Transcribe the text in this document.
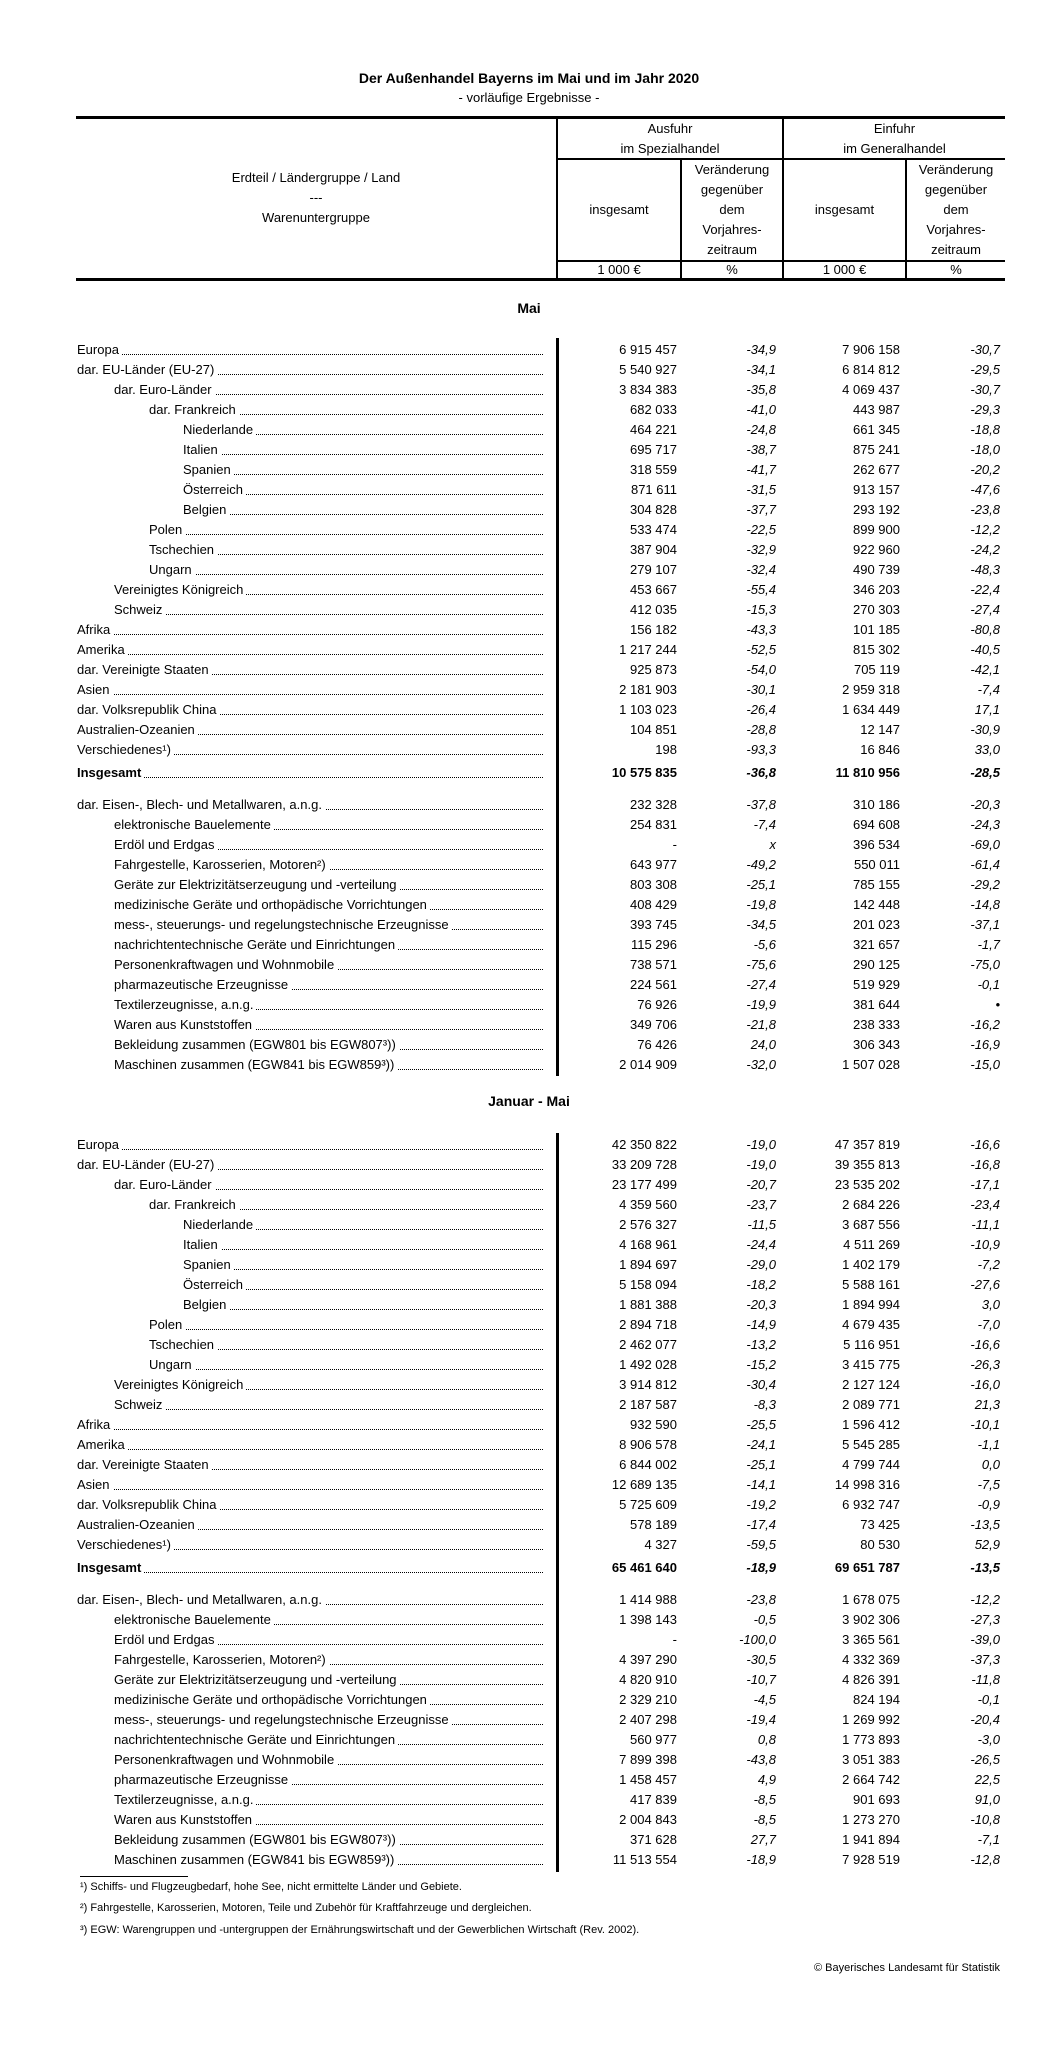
Der Außenhandel Bayerns im Mai und im Jahr 2020
- vorläufige Ergebnisse -
Erdteil / Ländergruppe / Land
---
Warenuntergruppe
Ausfuhr
im Spezialhandel
Einfuhr
im Generalhandel
insgesamt
Veränderung
gegenüber
dem
Vorjahres-
zeitraum
insgesamt
Veränderung
gegenüber
dem
Vorjahres-
zeitraum
1 000 €	%	1 000 €	%
Mai
Europa	6 915 457	-34,9	7 906 158	-30,7
dar. EU-Länder (EU-27)	5 540 927	-34,1	6 814 812	-29,5
dar. Euro-Länder	3 834 383	-35,8	4 069 437	-30,7
dar. Frankreich	682 033	-41,0	443 987	-29,3
Niederlande	464 221	-24,8	661 345	-18,8
Italien	695 717	-38,7	875 241	-18,0
Spanien	318 559	-41,7	262 677	-20,2
Österreich	871 611	-31,5	913 157	-47,6
Belgien	304 828	-37,7	293 192	-23,8
Polen	533 474	-22,5	899 900	-12,2
Tschechien	387 904	-32,9	922 960	-24,2
Ungarn	279 107	-32,4	490 739	-48,3
Vereinigtes Königreich	453 667	-55,4	346 203	-22,4
Schweiz	412 035	-15,3	270 303	-27,4
Afrika	156 182	-43,3	101 185	-80,8
Amerika	1 217 244	-52,5	815 302	-40,5
dar. Vereinigte Staaten	925 873	-54,0	705 119	-42,1
Asien	2 181 903	-30,1	2 959 318	-7,4
dar. Volksrepublik China	1 103 023	-26,4	1 634 449	17,1
Australien-Ozeanien	104 851	-28,8	12 147	-30,9
Verschiedenes¹)	198	-93,3	16 846	33,0
Insgesamt	10 575 835	-36,8	11 810 956	-28,5
dar. Eisen-, Blech- und Metallwaren, a.n.g.	232 328	-37,8	310 186	-20,3
elektronische Bauelemente	254 831	-7,4	694 608	-24,3
Erdöl und Erdgas	-	x	396 534	-69,0
Fahrgestelle, Karosserien, Motoren²)	643 977	-49,2	550 011	-61,4
Geräte zur Elektrizitätserzeugung und -verteilung	803 308	-25,1	785 155	-29,2
medizinische Geräte und orthopädische Vorrichtungen	408 429	-19,8	142 448	-14,8
mess-, steuerungs- und regelungstechnische Erzeugnisse	393 745	-34,5	201 023	-37,1
nachrichtentechnische Geräte und Einrichtungen	115 296	-5,6	321 657	-1,7
Personenkraftwagen und Wohnmobile	738 571	-75,6	290 125	-75,0
pharmazeutische Erzeugnisse	224 561	-27,4	519 929	-0,1
Textilerzeugnisse, a.n.g.	76 926	-19,9	381 644	•
Waren aus Kunststoffen	349 706	-21,8	238 333	-16,2
Bekleidung zusammen (EGW801 bis EGW807³))	76 426	24,0	306 343	-16,9
Maschinen zusammen (EGW841 bis EGW859³))	2 014 909	-32,0	1 507 028	-15,0
Januar - Mai
Europa	42 350 822	-19,0	47 357 819	-16,6
dar. EU-Länder (EU-27)	33 209 728	-19,0	39 355 813	-16,8
dar. Euro-Länder	23 177 499	-20,7	23 535 202	-17,1
dar. Frankreich	4 359 560	-23,7	2 684 226	-23,4
Niederlande	2 576 327	-11,5	3 687 556	-11,1
Italien	4 168 961	-24,4	4 511 269	-10,9
Spanien	1 894 697	-29,0	1 402 179	-7,2
Österreich	5 158 094	-18,2	5 588 161	-27,6
Belgien	1 881 388	-20,3	1 894 994	3,0
Polen	2 894 718	-14,9	4 679 435	-7,0
Tschechien	2 462 077	-13,2	5 116 951	-16,6
Ungarn	1 492 028	-15,2	3 415 775	-26,3
Vereinigtes Königreich	3 914 812	-30,4	2 127 124	-16,0
Schweiz	2 187 587	-8,3	2 089 771	21,3
Afrika	932 590	-25,5	1 596 412	-10,1
Amerika	8 906 578	-24,1	5 545 285	-1,1
dar. Vereinigte Staaten	6 844 002	-25,1	4 799 744	0,0
Asien	12 689 135	-14,1	14 998 316	-7,5
dar. Volksrepublik China	5 725 609	-19,2	6 932 747	-0,9
Australien-Ozeanien	578 189	-17,4	73 425	-13,5
Verschiedenes¹)	4 327	-59,5	80 530	52,9
Insgesamt	65 461 640	-18,9	69 651 787	-13,5
dar. Eisen-, Blech- und Metallwaren, a.n.g.	1 414 988	-23,8	1 678 075	-12,2
elektronische Bauelemente	1 398 143	-0,5	3 902 306	-27,3
Erdöl und Erdgas	-	-100,0	3 365 561	-39,0
Fahrgestelle, Karosserien, Motoren²)	4 397 290	-30,5	4 332 369	-37,3
Geräte zur Elektrizitätserzeugung und -verteilung	4 820 910	-10,7	4 826 391	-11,8
medizinische Geräte und orthopädische Vorrichtungen	2 329 210	-4,5	824 194	-0,1
mess-, steuerungs- und regelungstechnische Erzeugnisse	2 407 298	-19,4	1 269 992	-20,4
nachrichtentechnische Geräte und Einrichtungen	560 977	0,8	1 773 893	-3,0
Personenkraftwagen und Wohnmobile	7 899 398	-43,8	3 051 383	-26,5
pharmazeutische Erzeugnisse	1 458 457	4,9	2 664 742	22,5
Textilerzeugnisse, a.n.g.	417 839	-8,5	901 693	91,0
Waren aus Kunststoffen	2 004 843	-8,5	1 273 270	-10,8
Bekleidung zusammen (EGW801 bis EGW807³))	371 628	27,7	1 941 894	-7,1
Maschinen zusammen (EGW841 bis EGW859³))	11 513 554	-18,9	7 928 519	-12,8
¹) Schiffs- und Flugzeugbedarf, hohe See, nicht ermittelte Länder und Gebiete.
²) Fahrgestelle, Karosserien, Motoren, Teile und Zubehör für Kraftfahrzeuge und dergleichen.
³) EGW: Warengruppen und -untergruppen der Ernährungswirtschaft und der Gewerblichen Wirtschaft (Rev. 2002).
© Bayerisches Landesamt für Statistik
